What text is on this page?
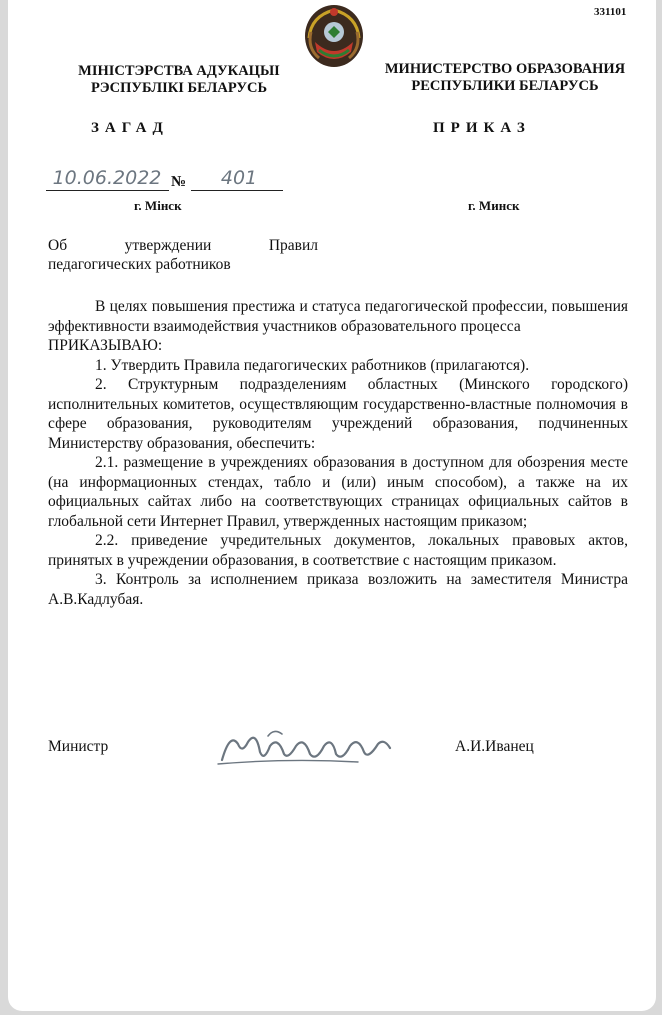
331101
МІНІСТЭРСТВА АДУКАЦЫІ
РЭСПУБЛІКІ БЕЛАРУСЬ
МИНИСТЕРСТВО ОБРАЗОВАНИЯ
РЕСПУБЛИКИ БЕЛАРУСЬ
ЗАГАД	ПРИКАЗ
10.06.2022 №	401
г. Мiнск	г. Минск
Об	утверждении	Правил
педагогических работников

В целях повышения престижа и статуса педагогической профессии, повышения эффективности взаимодействия участников образовательного процесса

ПРИКАЗЫВАЮ:

1. Утвердить Правила педагогических работников (прилагаются).

2. Структурным подразделениям областных (Минского городского) исполнительных комитетов, осуществляющим государственно-властные полномочия в сфере образования, руководителям учреждений образования, подчиненных Министерству образования, обеспечить:

2.1. размещение в учреждениях образования в доступном для обозрения месте (на информационных стендах, табло и (или) иным способом), а также на их официальных сайтах либо на соответствующих страницах официальных сайтов в глобальной сети Интернет Правил, утвержденных настоящим приказом;

2.2. приведение учредительных документов, локальных правовых актов, принятых в учреждении образования, в соответствие с настоящим приказом.

3. Контроль за исполнением приказа возложить на заместителя Министра А.В.Кадлубая.

Министр	А.И.Иванец
